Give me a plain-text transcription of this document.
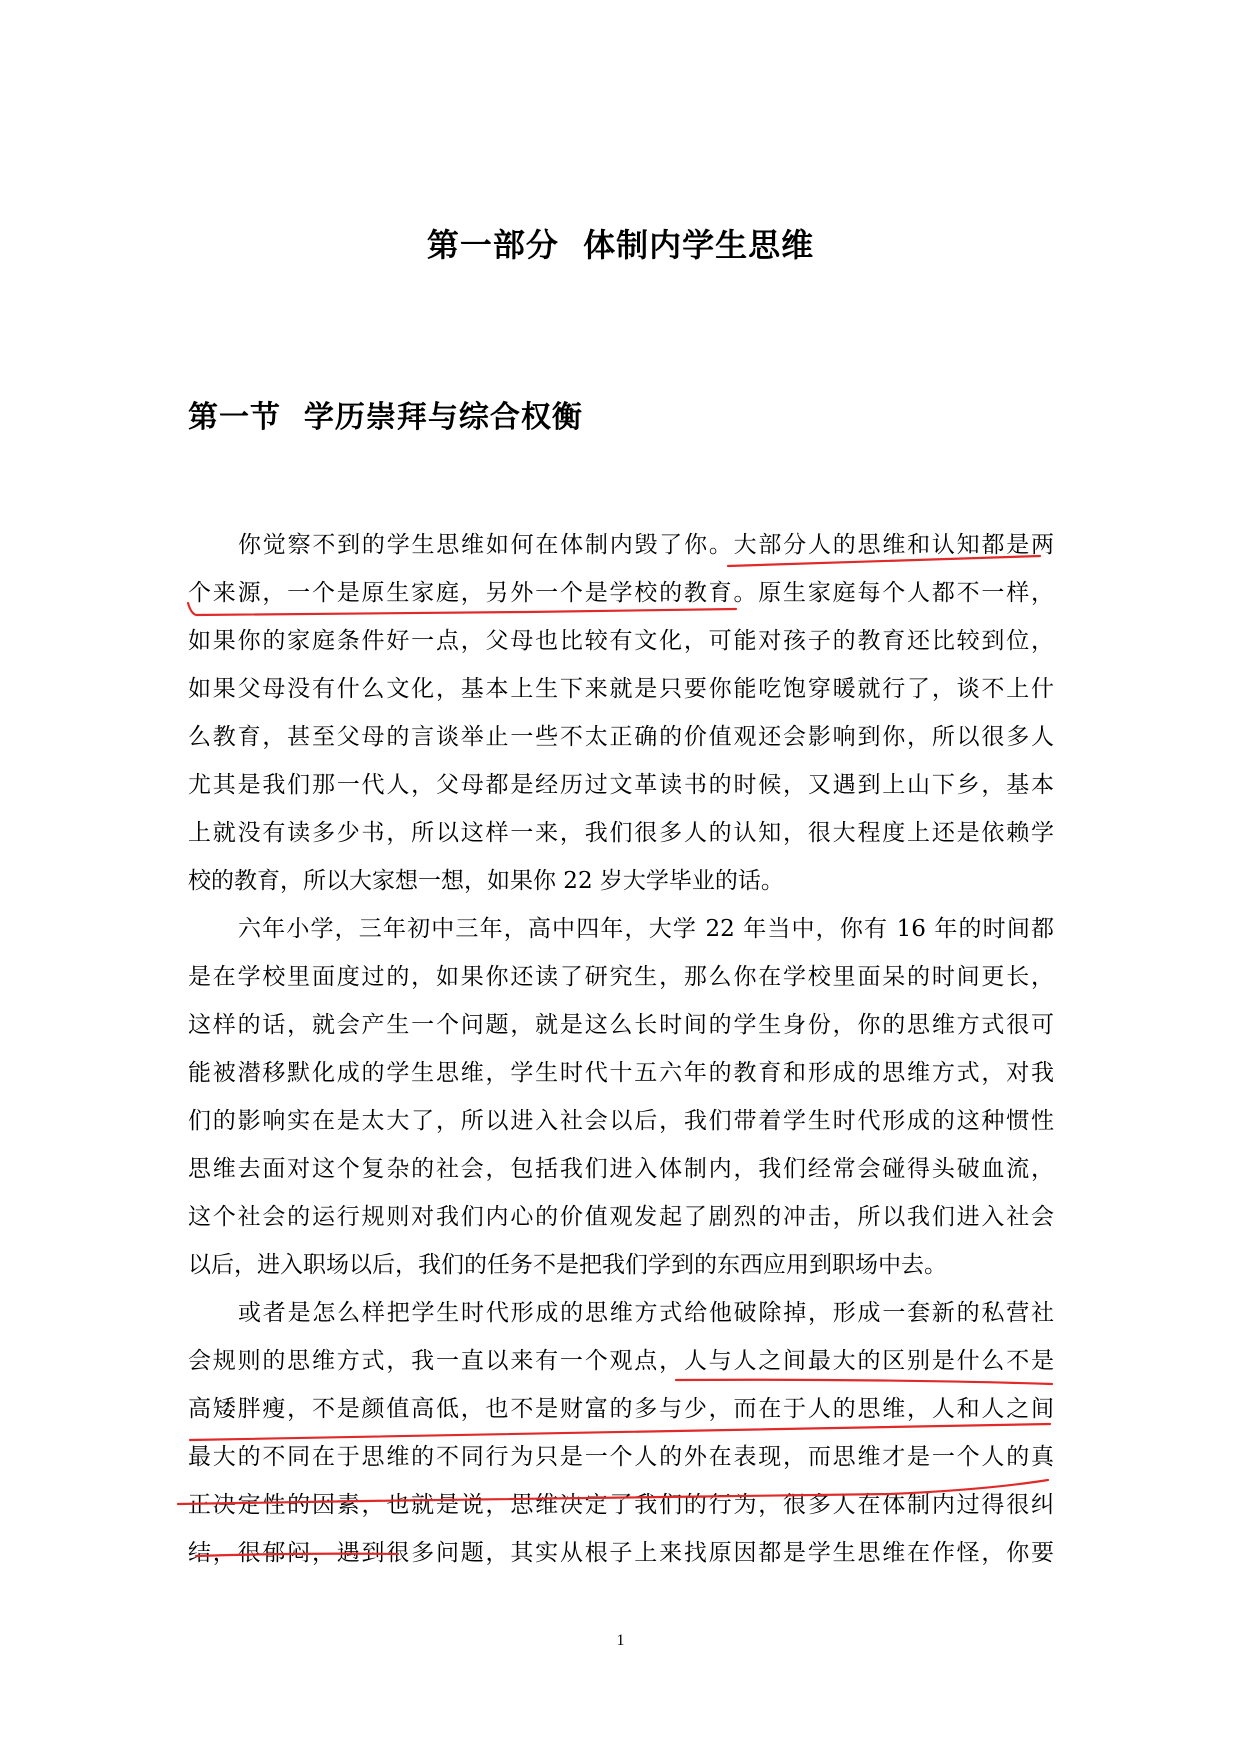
第一部分  体制内学生思维
第一节  学历崇拜与综合权衡
你觉察不到的学生思维如何在体制内毁了你。大部分人的思维和认知都是两
个来源，一个是原生家庭，另外一个是学校的教育。原生家庭每个人都不一样，
如果你的家庭条件好一点，父母也比较有文化，可能对孩子的教育还比较到位，
如果父母没有什么文化，基本上生下来就是只要你能吃饱穿暖就行了，谈不上什
么教育，甚至父母的言谈举止一些不太正确的价值观还会影响到你，所以很多人
尤其是我们那一代人，父母都是经历过文革读书的时候，又遇到上山下乡，基本
上就没有读多少书，所以这样一来，我们很多人的认知，很大程度上还是依赖学
校的教育，所以大家想一想，如果你 22 岁大学毕业的话。
六年小学，三年初中三年，高中四年，大学 22 年当中，你有 16 年的时间都
是在学校里面度过的，如果你还读了研究生，那么你在学校里面呆的时间更长，
这样的话，就会产生一个问题，就是这么长时间的学生身份，你的思维方式很可
能被潜移默化成的学生思维，学生时代十五六年的教育和形成的思维方式，对我
们的影响实在是太大了，所以进入社会以后，我们带着学生时代形成的这种惯性
思维去面对这个复杂的社会，包括我们进入体制内，我们经常会碰得头破血流，
这个社会的运行规则对我们内心的价值观发起了剧烈的冲击，所以我们进入社会
以后，进入职场以后，我们的任务不是把我们学到的东西应用到职场中去。
或者是怎么样把学生时代形成的思维方式给他破除掉，形成一套新的私营社
会规则的思维方式，我一直以来有一个观点，人与人之间最大的区别是什么不是
高矮胖瘦，不是颜值高低，也不是财富的多与少，而在于人的思维，人和人之间
最大的不同在于思维的不同行为只是一个人的外在表现，而思维才是一个人的真
正决定性的因素，也就是说，思维决定了我们的行为，很多人在体制内过得很纠
结，很郁闷，遇到很多问题，其实从根子上来找原因都是学生思维在作怪，你要
1
